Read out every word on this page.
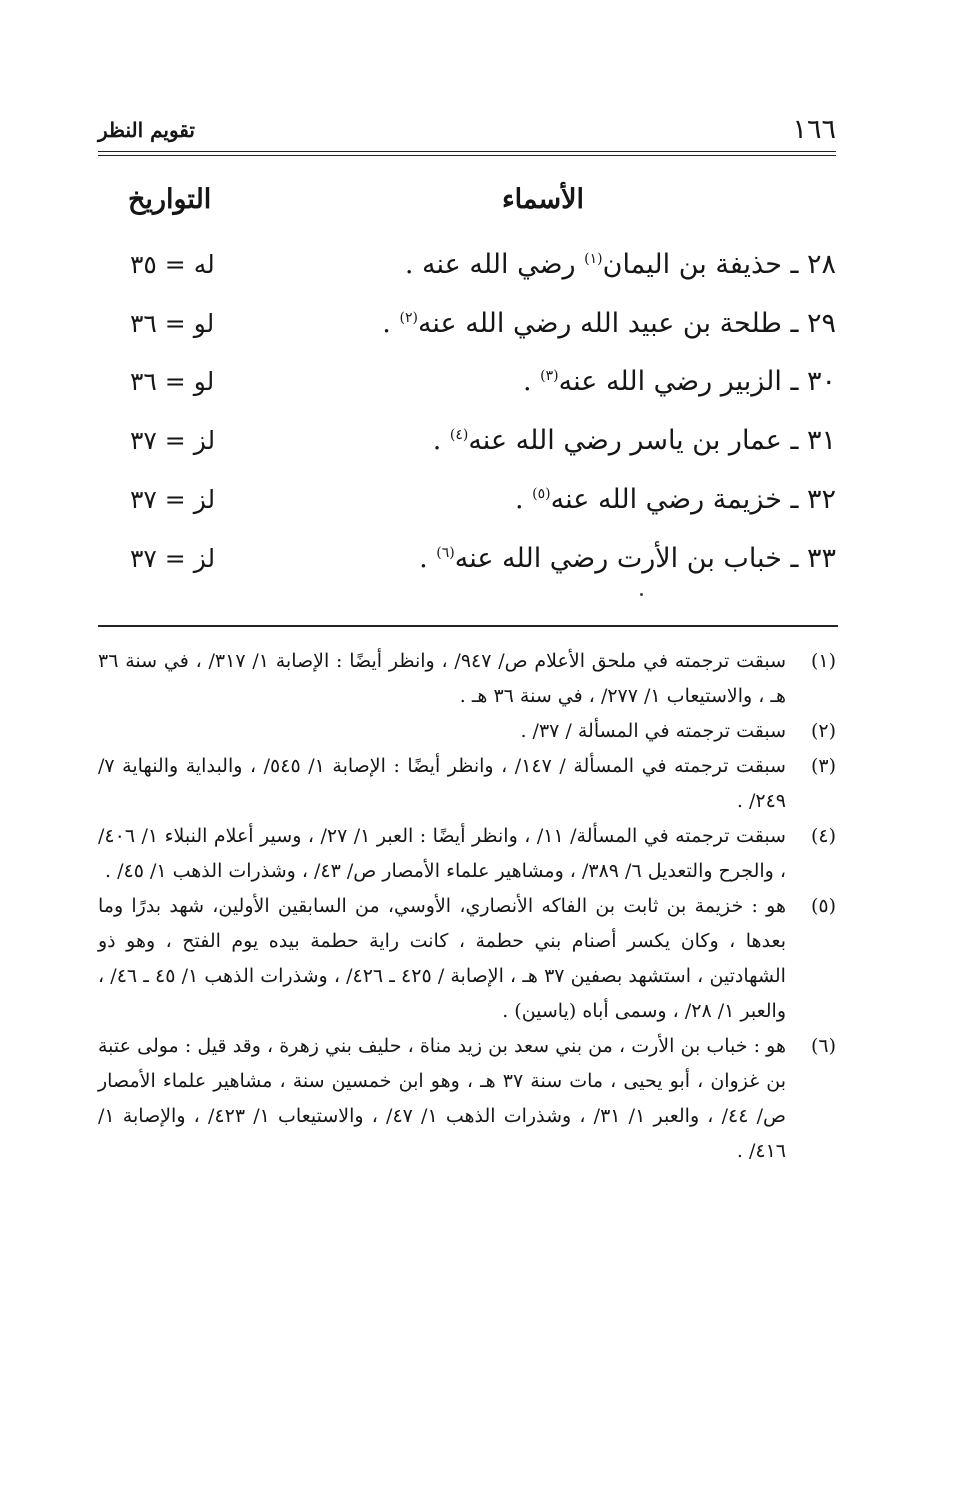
١٦٦
تقويم النظر
الأسماء
التواريخ
٢٨ ـ حذيفة بن اليمان$^{(١)}$ رضي الله عنه .
له = ٣٥
٢٩ ـ طلحة بن عبيد الله رضي الله عنه$^{(٢)}$ .
لو = ٣٦
٣٠ ـ الزبير رضي الله عنه$^{(٣)}$ .
لو = ٣٦
٣١ ـ عمار بن ياسر رضي الله عنه$^{(٤)}$ .
لز = ٣٧
٣٢ ـ خزيمة رضي الله عنه$^{(٥)}$ .
لز = ٣٧
٣٣ ـ خباب بن الأرت رضي الله عنه$^{(٦)}$ .
لز = ٣٧
(١)
سبقت ترجمته في ملحق الأعلام ص/ ٩٤٧/ ، وانظر أيضًا : الإصابة ١/ ٣١٧/ ، في سنة ٣٦ هـ ، والاستيعاب ١/ ٢٧٧/ ، في سنة ٣٦ هـ .
(٢)
سبقت ترجمته في المسألة / ٣٧/ .
(٣)
سبقت ترجمته في المسألة / ١٤٧/ ، وانظر أيضًا : الإصابة ١/ ٥٤٥/ ، والبداية والنهاية ٧/ ٢٤٩/ .
(٤)
سبقت ترجمته في المسألة/ ١١/ ، وانظر أيضًا : العبر ١/ ٢٧/ ، وسير أعلام النبلاء ١/ ٤٠٦/ ، والجرح والتعديل ٦/ ٣٨٩/ ، ومشاهير علماء الأمصار ص/ ٤٣/ ، وشذرات الذهب ١/ ٤٥/ .
(٥)
هو : خزيمة بن ثابت بن الفاكه الأنصاري، الأوسي، من السابقين الأولين، شهد بدرًا وما بعدها ، وكان يكسر أصنام بني حطمة ، كانت راية حطمة بيده يوم الفتح ، وهو ذو الشهادتين ، استشهد بصفين ٣٧ هـ ، الإصابة / ٤٢٥ ـ ٤٢٦/ ، وشذرات الذهب ١/ ٤٥ ـ ٤٦/ ، والعبر ١/ ٢٨/ ، وسمى أباه (ياسين) .
(٦)
هو : خباب بن الأرت ، من بني سعد بن زيد مناة ، حليف بني زهرة ، وقد قيل : مولى عتبة بن غزوان ، أبو يحيى ، مات سنة ٣٧ هـ ، وهو ابن خمسين سنة ، مشاهير علماء الأمصار ص/ ٤٤/ ، والعبر ١/ ٣١/ ، وشذرات الذهب ١/ ٤٧/ ، والاستيعاب ١/ ٤٢٣/ ، والإصابة ١/ ٤١٦/ .
